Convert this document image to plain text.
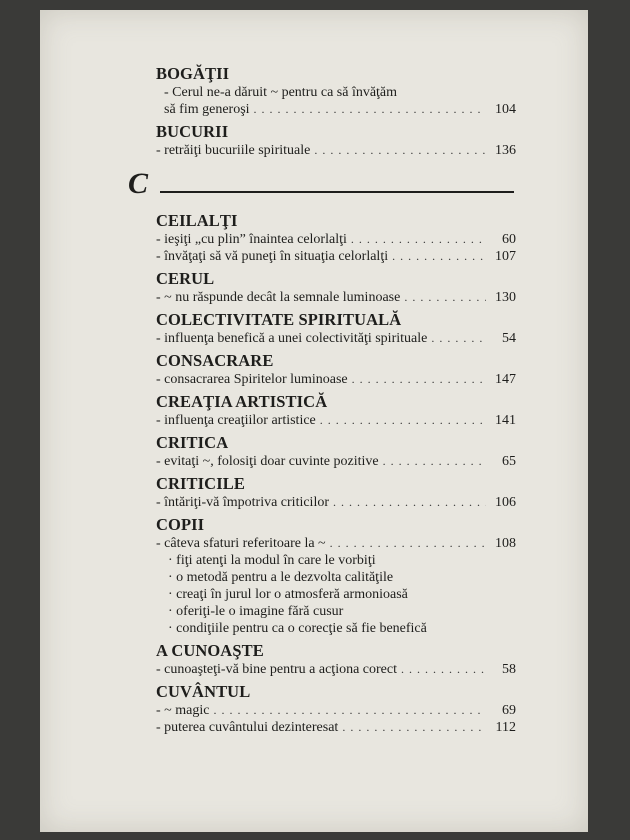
BOGĂŢII
- Cerul ne-a dăruit ~ pentru ca să învăţăm
să fim generoşi . . .	104
BUCURII
- retrăiţi bucuriile spirituale . . .	136
C
CEILALŢI
- ieşiţi „cu plin” înaintea celorlalţi . . .	60
- învăţaţi să vă puneţi în situaţia celorlalţi . . .	107
CERUL
- ~ nu răspunde decât la semnale luminoase . . .	130
COLECTIVITATE SPIRITUALĂ
- influenţa benefică a unei colectivităţi spirituale . . .	54
CONSACRARE
- consacrarea Spiritelor luminoase . . .	147
CREAŢIA ARTISTICĂ
- influenţa creaţiilor artistice . . .	141
CRITICA
- evitaţi ~, folosiţi doar cuvinte pozitive . . .	65
CRITICILE
- întăriţi-vă împotriva criticilor . . .	106
COPII
- câteva sfaturi referitoare la ~ . . .	108
· fiţi atenţi la modul în care le vorbiţi
· o metodă pentru a le dezvolta calităţile
· creaţi în jurul lor o atmosferă armonioasă
· oferiţi-le o imagine fără cusur
· condiţiile pentru ca o corecţie să fie benefică
A CUNOAŞTE
- cunoaşteţi-vă bine pentru a acţiona corect . . .	58
CUVÂNTUL
- ~ magic . . .	69
- puterea cuvântului dezinteresat . . .	112
